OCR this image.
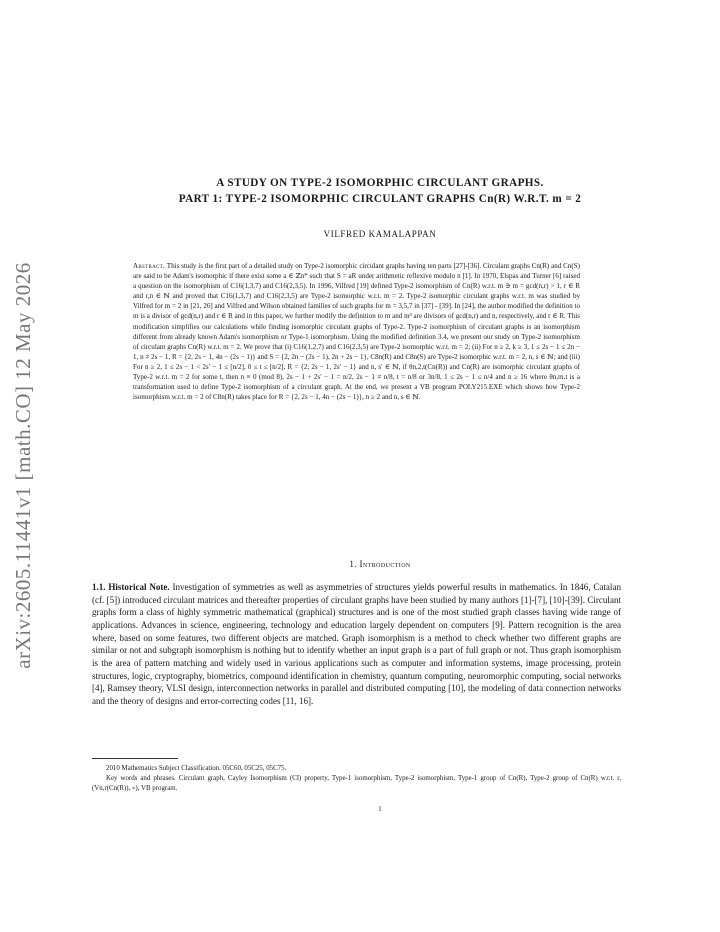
arXiv:2605.11441v1 [math.CO] 12 May 2026
A STUDY ON TYPE-2 ISOMORPHIC CIRCULANT GRAPHS.
PART 1: TYPE-2 ISOMORPHIC CIRCULANT GRAPHS Cn(R) W.R.T. m = 2
VILFRED KAMALAPPAN
Abstract. This study is the first part of a detailed study on Type-2 isomorphic circulant graphs having ten parts [27]-[36]. Circulant graphs Cn(R) and Cn(S) are said to be Adam's isomorphic if there exist some a ∈ ℤn* such that S = aR under arithmetic reflexive modulo n [1]. In 1970, Elspas and Turner [6] raised a question on the isomorphism of C16(1,3,7) and C16(2,3,5). In 1996, Vilfred [19] defined Type-2 isomorphism of Cn(R) w.r.t. m ∋ m = gcd(n,r) > 1, r ∈ R and r,n ∈ ℕ and proved that C16(1,3,7) and C16(2,3,5) are Type-2 isomorphic w.r.t. m = 2. Type-2 isomorphic circulant graphs w.r.t. m was studied by Vilfred for m = 2 in [21, 26] and Vilfred and Wilson obtained families of such graphs for m = 3,5,7 in [37] - [39]. In [24], the author modified the definition to m is a divisor of gcd(n,r) and r ∈ R and in this paper, we further modify the definition to m and m³ are divisors of gcd(n,r) and n, respectively, and r ∈ R. This modification simplifies our calculations while finding isomorphic circulant graphs of Type-2. Type-2 isomorphism of circulant graphs is an isomorphism different from already known Adam's isomorphism or Type-1 isomorphism. Using the modified definition 3.4, we present our study on Type-2 isomorphism of circulant graphs Cn(R) w.r.t. m = 2. We prove that (i) C16(1,2,7) and C16(2,3,5) are Type-2 isomorphic w.r.t. m = 2; (ii) For n ≥ 2, k ≥ 3, 1 ≤ 2s − 1 ≤ 2n − 1, n ≠ 2s − 1, R = {2, 2s − 1, 4n − (2s − 1)} and S = {2, 2n − (2s − 1), 2n + 2s − 1}, C8n(R) and C8n(S) are Type-2 isomorphic w.r.t. m = 2, n, s ∈ ℕ; and (iii) For n ≥ 2, 1 ≤ 2s − 1 < 2s′ − 1 ≤ [n/2], 0 ≤ t ≤ [n/2], R = {2, 2s − 1, 2s′ − 1} and n, s′ ∈ ℕ, if θn,2,t(Cn(R)) and Cn(R) are isomorphic circulant graphs of Type-2 w.r.t. m = 2 for some t, then n ≡ 0 (mod 8), 2s − 1 + 2s′ − 1 = n/2, 2s − 1 ≠ n/8, t = n/8 or 3n/8, 1 ≤ 2s − 1 ≤ n/4 and n ≥ 16 where θn,m,t is a transformation used to define Type-2 isomorphism of a circulant graph. At the end, we present a VB program POLY215.EXE which shows how Type-2 isomorphism w.r.t. m = 2 of C8n(R) takes place for R = {2, 2s − 1, 4n − (2s − 1)}, n ≥ 2 and n, s ∈ ℕ.
1. Introduction
1.1. Historical Note. Investigation of symmetries as well as asymmetries of structures yields powerful results in mathematics. In 1846, Catalan (cf. [5]) introduced circulant matrices and thereafter properties of circulant graphs have been studied by many authors [1]-[7], [10]-[39]. Circulant graphs form a class of highly symmetric mathematical (graphical) structures and is one of the most studied graph classes having wide range of applications. Advances in science, engineering, technology and education largely dependent on computers [9]. Pattern recognition is the area where, based on some features, two different objects are matched. Graph isomorphism is a method to check whether two different graphs are similar or not and subgraph isomorphism is nothing but to identify whether an input graph is a part of full graph or not. Thus graph isomorphism is the area of pattern matching and widely used in various applications such as computer and information systems, image processing, protein structures, logic, cryptography, biometrics, compound identification in chemistry, quantum computing, neuromorphic computing, social networks [4], Ramsey theory, VLSI design, interconnection networks in parallel and distributed computing [10], the modeling of data connection networks and the theory of designs and error-correcting codes [11, 16].

2010 Mathematics Subject Classification. 05C60, 05C25, 05C75.

Key words and phrases. Circulant graph, Cayley Isomorphism (CI) property, Type-1 isomorphism, Type-2 isomorphism, Type-1 group of Cn(R), Type-2 group of Cn(R) w.r.t. r, (Vn,r(Cn(R)), ∘), VB program.

1
